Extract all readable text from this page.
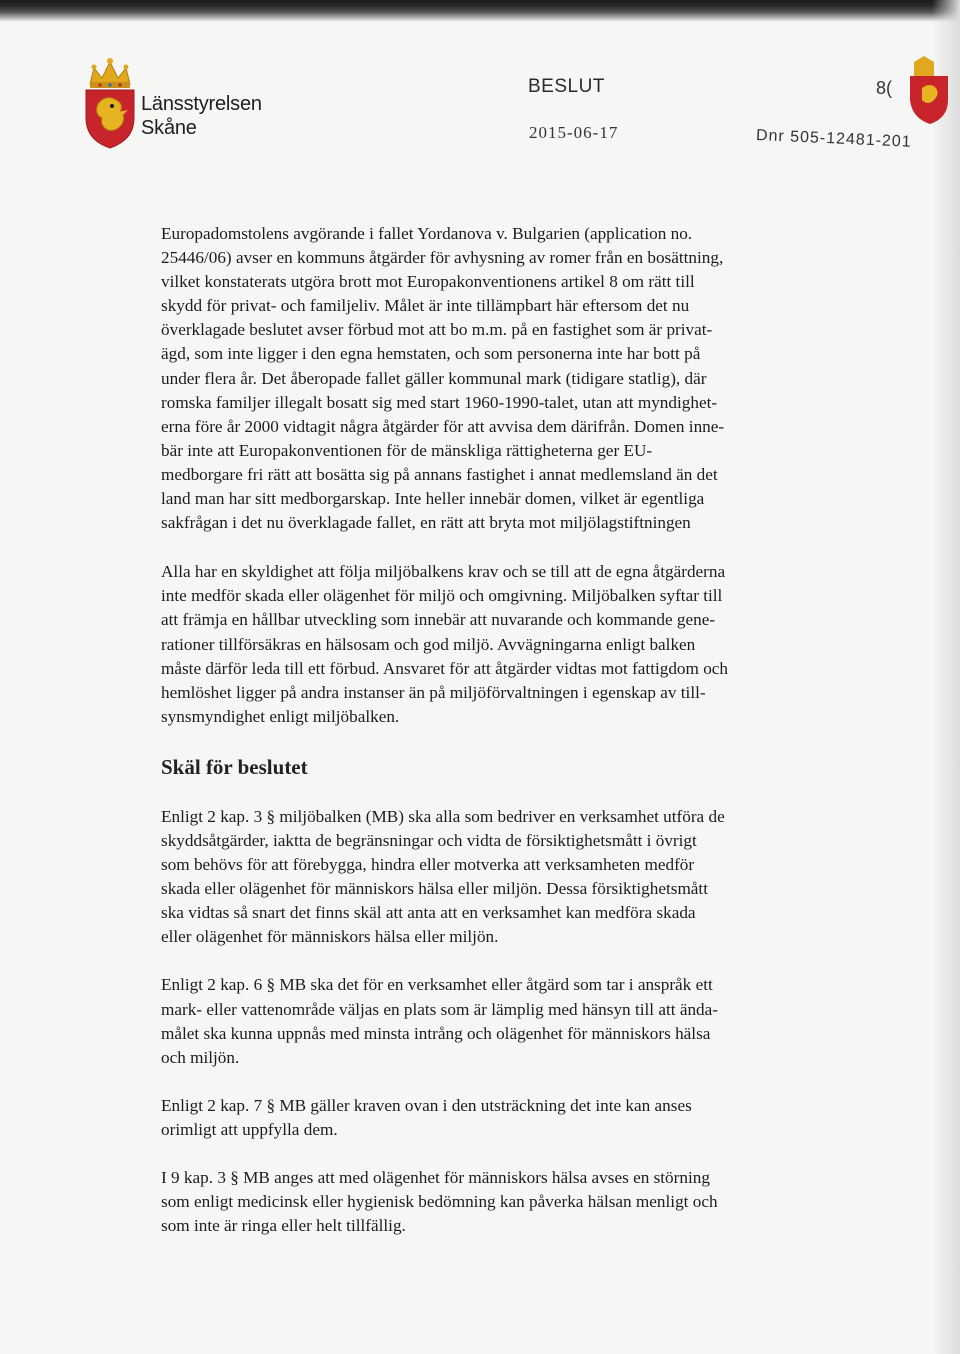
Länsstyrelsen
Skåne
BESLUT	8(
2015-06-17	Dnr 505-12481-201

Europadomstolens avgörande i fallet Yordanova v. Bulgarien (application no.
25446/06) avser en kommuns åtgärder för avhysning av romer från en bosättning,
vilket konstaterats utgöra brott mot Europakonventionens artikel 8 om rätt till
skydd för privat- och familjeliv. Målet är inte tillämpbart här eftersom det nu
överklagade beslutet avser förbud mot att bo m.m. på en fastighet som är privat-
ägd, som inte ligger i den egna hemstaten, och som personerna inte har bott på
under flera år. Det åberopade fallet gäller kommunal mark (tidigare statlig), där
romska familjer illegalt bosatt sig med start 1960-1990-talet, utan att myndighet-
erna före år 2000 vidtagit några åtgärder för att avvisa dem därifrån. Domen inne-
bär inte att Europakonventionen för de mänskliga rättigheterna ger EU-
medborgare fri rätt att bosätta sig på annans fastighet i annat medlemsland än det
land man har sitt medborgarskap. Inte heller innebär domen, vilket är egentliga
sakfrågan i det nu överklagade fallet, en rätt att bryta mot miljölagstiftningen

Alla har en skyldighet att följa miljöbalkens krav och se till att de egna åtgärderna
inte medför skada eller olägenhet för miljö och omgivning. Miljöbalken syftar till
att främja en hållbar utveckling som innebär att nuvarande och kommande gene-
rationer tillförsäkras en hälsosam och god miljö. Avvägningarna enligt balken
måste därför leda till ett förbud. Ansvaret för att åtgärder vidtas mot fattigdom och
hemlöshet ligger på andra instanser än på miljöförvaltningen i egenskap av till-
synsmyndighet enligt miljöbalken.

Skäl för beslutet

Enligt 2 kap. 3 § miljöbalken (MB) ska alla som bedriver en verksamhet utföra de
skyddsåtgärder, iaktta de begränsningar och vidta de försiktighetsmått i övrigt
som behövs för att förebygga, hindra eller motverka att verksamheten medför
skada eller olägenhet för människors hälsa eller miljön. Dessa försiktighetsmått
ska vidtas så snart det finns skäl att anta att en verksamhet kan medföra skada
eller olägenhet för människors hälsa eller miljön.

Enligt 2 kap. 6 § MB ska det för en verksamhet eller åtgärd som tar i anspråk ett
mark- eller vattenområde väljas en plats som är lämplig med hänsyn till att ända-
målet ska kunna uppnås med minsta intrång och olägenhet för människors hälsa
och miljön.

Enligt 2 kap. 7 § MB gäller kraven ovan i den utsträckning det inte kan anses
orimligt att uppfylla dem.

I 9 kap. 3 § MB anges att med olägenhet för människors hälsa avses en störning
som enligt medicinsk eller hygienisk bedömning kan påverka hälsan menligt och
som inte är ringa eller helt tillfällig.
